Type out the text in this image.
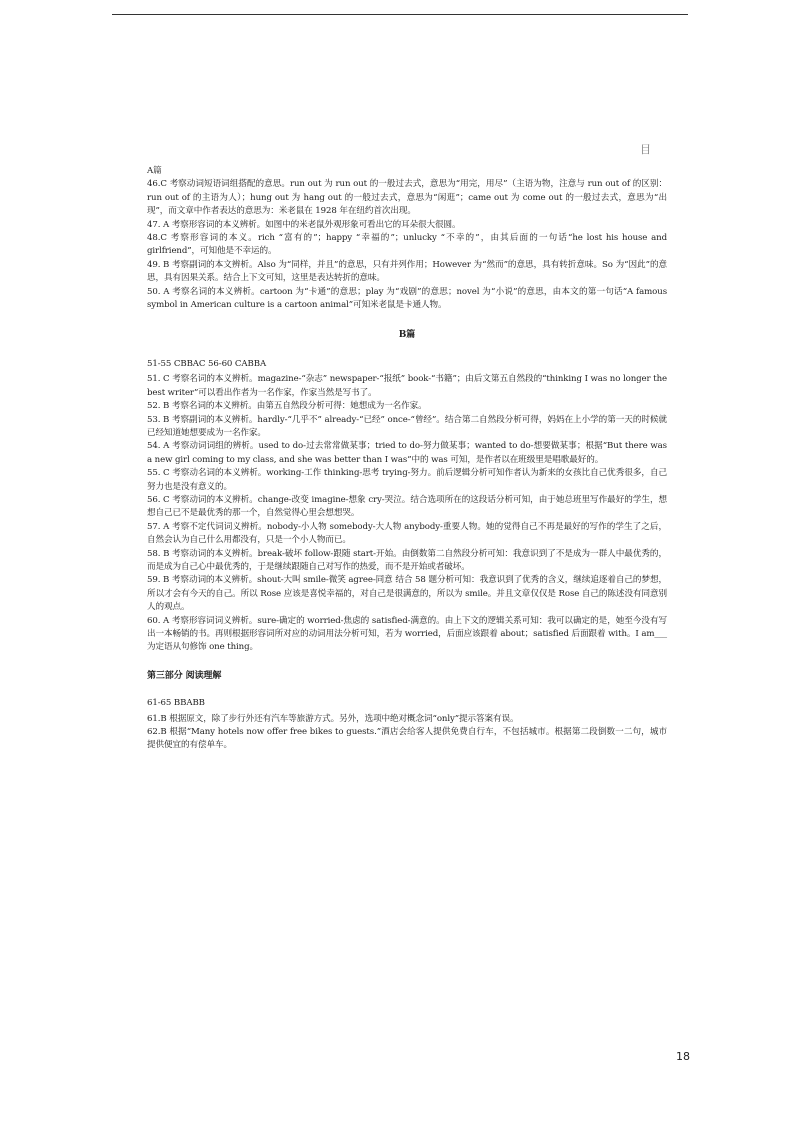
目

A篇

46.C 考察动词短语词组搭配的意思。run out 为 run out 的一般过去式，意思为“用完，用尽”（主语为物，注意与 run out of 的区别：run out of 的主语为人）；hung out 为 hang out 的一般过去式，意思为“闲逛”；came out 为 come out 的一般过去式，意思为“出现”，而文章中作者表达的意思为：米老鼠在 1928 年在纽约首次出现。

47. A 考察形容词的本义辨析。如图中的米老鼠外观形象可看出它的耳朵很大很圆。

48.C 考察形容词的本义。rich “富有的”；happy “幸福的”；unlucky “不幸的”，由其后面的一句话“he lost his house and girlfriend”，可知他是不幸运的。

49. B 考察副词的本文辨析。Also 为“同样，并且”的意思，只有并列作用；However 为“然而”的意思，具有转折意味。So 为“因此”的意思，具有因果关系。结合上下文可知，这里是表达转折的意味。

50. A 考察名词的本义辨析。cartoon 为“卡通”的意思；play 为“戏剧”的意思；novel 为“小说”的意思，由本文的第一句话“A famous symbol in American culture is a cartoon animal”可知米老鼠是卡通人物。

B篇

51-55 CBBAC 56-60 CABBA

51. C 考察名词的本义辨析。magazine-“杂志” newspaper-“报纸” book-“书籍”；由后文第五自然段的“thinking I was no longer the best writer”可以看出作者为一名作家，作家当然是写书了。

52. B 考察名词的本义辨析。由第五自然段分析可得：她想成为一名作家。

53. B 考察副词的本义辨析。hardly-“几乎不” already-“已经” once-“曾经”。结合第二自然段分析可得，妈妈在上小学的第一天的时候就已经知道她想要成为一名作家。

54. A 考察动词词组的辨析。used to do-过去常常做某事；tried to do-努力做某事；wanted to do-想要做某事；根据“But there was a new girl coming to my class, and she was better than I was”中的 was 可知，是作者以在班级里是唱歌最好的。

55. C 考察动名词的本义辨析。working-工作 thinking-思考 trying-努力。前后逻辑分析可知作者认为新来的女孩比自己优秀很多，自己努力也是没有意义的。

56. C 考察动词的本义辨析。change-改变 imagine-想象 cry-哭泣。结合选项所在的这段话分析可知，由于她总班里写作最好的学生，想想自己已不是最优秀的那一个，自然觉得心里会想想哭。

57. A 考察不定代词词义辨析。nobody-小人物 somebody-大人物 anybody-重要人物。她的觉得自己不再是最好的写作的学生了之后，自然会认为自己什么用都没有，只是一个小人物而已。

58. B 考察动词的本义辨析。break-破坏 follow-跟随 start-开始。由倒数第二自然段分析可知：我意识到了不是成为一群人中最优秀的，而是成为自己心中最优秀的，于是继续跟随自己对写作的热爱，而不是开始或者破坏。

59. B 考察动词的本义辨析。shout-大叫 smile-微笑 agree-同意 结合 58 题分析可知：我意识到了优秀的含义，继续追逐着自己的梦想，所以才会有今天的自己。所以 Rose 应该是喜悦幸福的，对自己是很满意的，所以为 smile。并且文章仅仅是 Rose 自己的陈述没有同意别人的观点。

60. A 考察形容词词义辨析。sure-确定的 worried-焦虑的 satisfied-满意的。由上下文的逻辑关系可知：我可以确定的是，她至今没有写出一本畅销的书。再则根据形容词所对应的动词用法分析可知，若为 worried，后面应该跟着 about；satisfied 后面跟着 with。I am___为定语从句修饰 one thing。

第三部分 阅读理解

61-65 BBABB

61.B 根据原文，除了步行外还有汽车等旅游方式。另外，选项中绝对概念词“only”提示答案有误。

62.B 根据“Many hotels now offer free bikes to guests.”酒店会给客人提供免费自行车，不包括城市。根据第二段倒数一二句，城市提供便宜的有偿单车。

18
